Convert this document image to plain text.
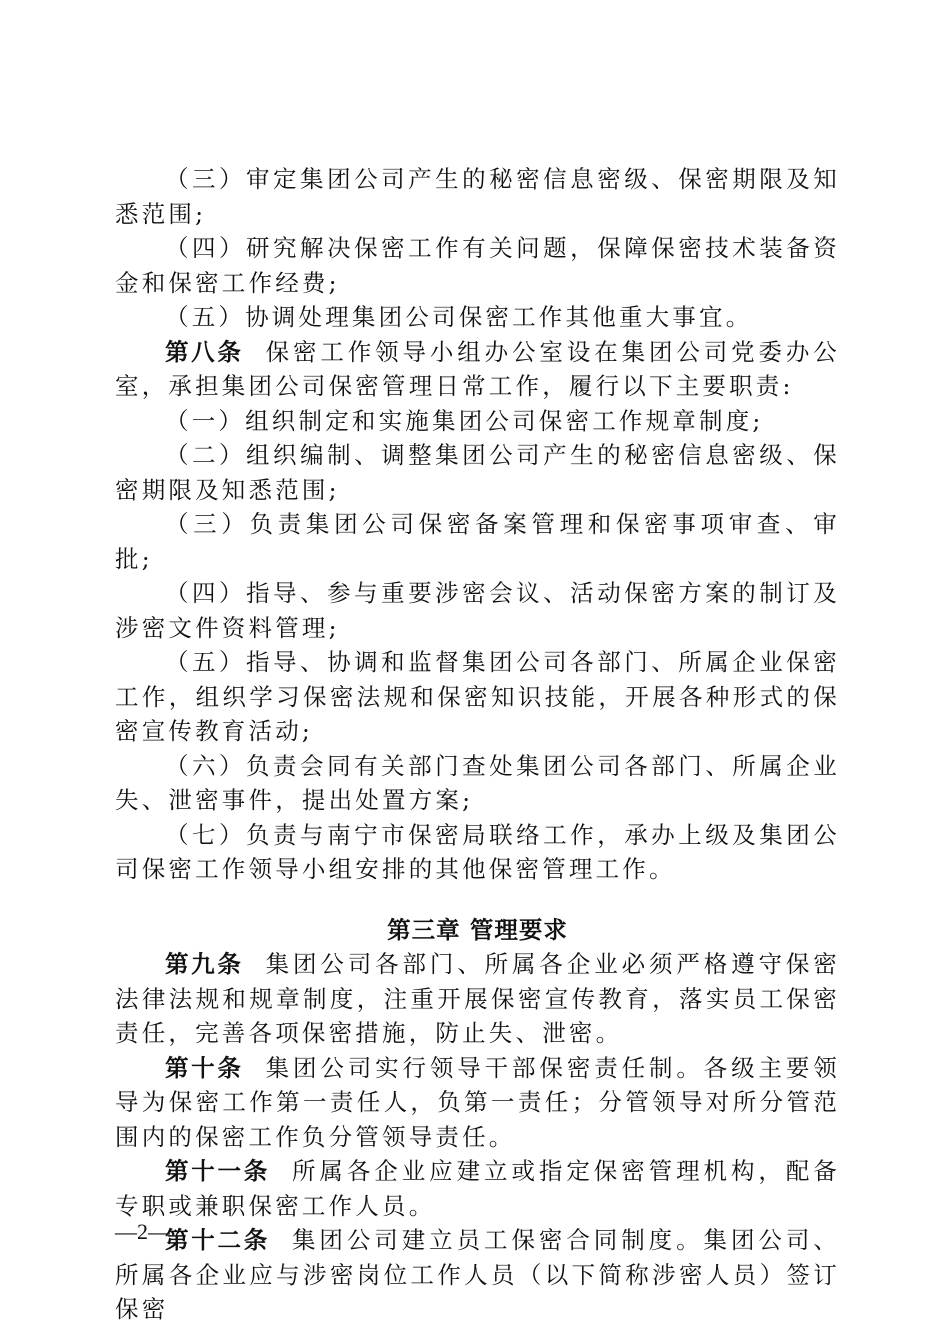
（三）审定集团公司产生的秘密信息密级、保密期限及知悉范围;

（四）研究解决保密工作有关问题，保障保密技术装备资金和保密工作经费;

（五）协调处理集团公司保密工作其他重大事宜。

第八条 保密工作领导小组办公室设在集团公司党委办公室，承担集团公司保密管理日常工作，履行以下主要职责:

（一）组织制定和实施集团公司保密工作规章制度;

（二）组织编制、调整集团公司产生的秘密信息密级、保密期限及知悉范围;

（三）负责集团公司保密备案管理和保密事项审查、审批;

（四）指导、参与重要涉密会议、活动保密方案的制订及涉密文件资料管理;

（五）指导、协调和监督集团公司各部门、所属企业保密工作，组织学习保密法规和保密知识技能，开展各种形式的保密宣传教育活动;

（六）负责会同有关部门查处集团公司各部门、所属企业失、泄密事件，提出处置方案;

（七）负责与南宁市保密局联络工作，承办上级及集团公司保密工作领导小组安排的其他保密管理工作。

第三章 管理要求

第九条 集团公司各部门、所属各企业必须严格遵守保密法律法规和规章制度，注重开展保密宣传教育，落实员工保密责任，完善各项保密措施，防止失、泄密。

第十条 集团公司实行领导干部保密责任制。各级主要领导为保密工作第一责任人，负第一责任；分管领导对所分管范围内的保密工作负分管领导责任。

第十一条 所属各企业应建立或指定保密管理机构，配备专职或兼职保密工作人员。

第十二条 集团公司建立员工保密合同制度。集团公司、所属各企业应与涉密岗位工作人员（以下简称涉密人员）签订保密

—2—
